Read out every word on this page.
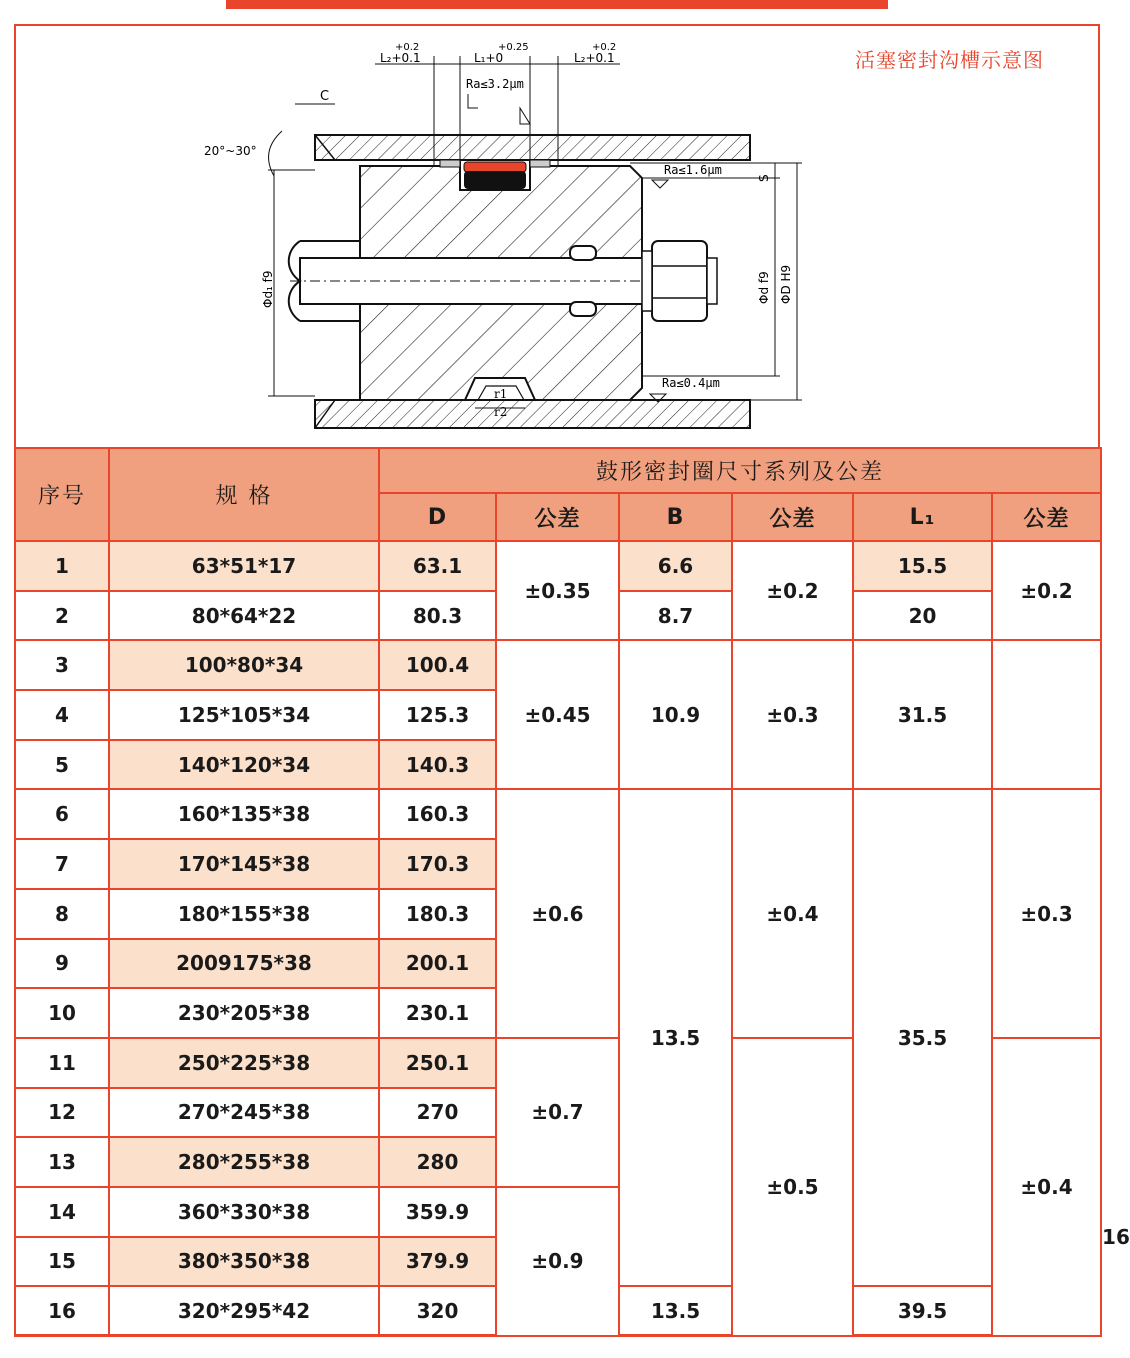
活塞密封沟槽示意图
+0.2
L₂+0.1
+0.25
L₁+0
+0.2
L₂+0.1
Ra≤3.2μm
C
20°~30°
Φd₁ f9
S
Φd f9 ΦD H9
Ra≤1.6μm
Ra≤0.4μm
r1
r2
序号	规 格	鼓形密封圈尺寸系列及公差						
		D	公差	B	公差	L₁	公差	
1	63*51*17	63.1	±0.35	6.6	±0.2	15.5	±0.2	
2	80*64*22	80.3		8.7		20		
3	100*80*34	100.4	±0.45	10.9	±0.3	31.5		
4	125*105*34	125.3						
5	140*120*34	140.3						
6	160*135*38	160.3	±0.6	13.5	±0.4	35.5	±0.3	
7	170*145*38	170.3						
8	180*155*38	180.3						
9	2009175*38	200.1						
10	230*205*38	230.1						
11	250*225*38	250.1	±0.7		±0.5		±0.4	
12	270*245*38	270						
13	280*255*38	280						
14	360*330*38	359.9	±0.9					16
15	380*350*38	379.9						
16	320*295*42	320		13.5		39.5		
